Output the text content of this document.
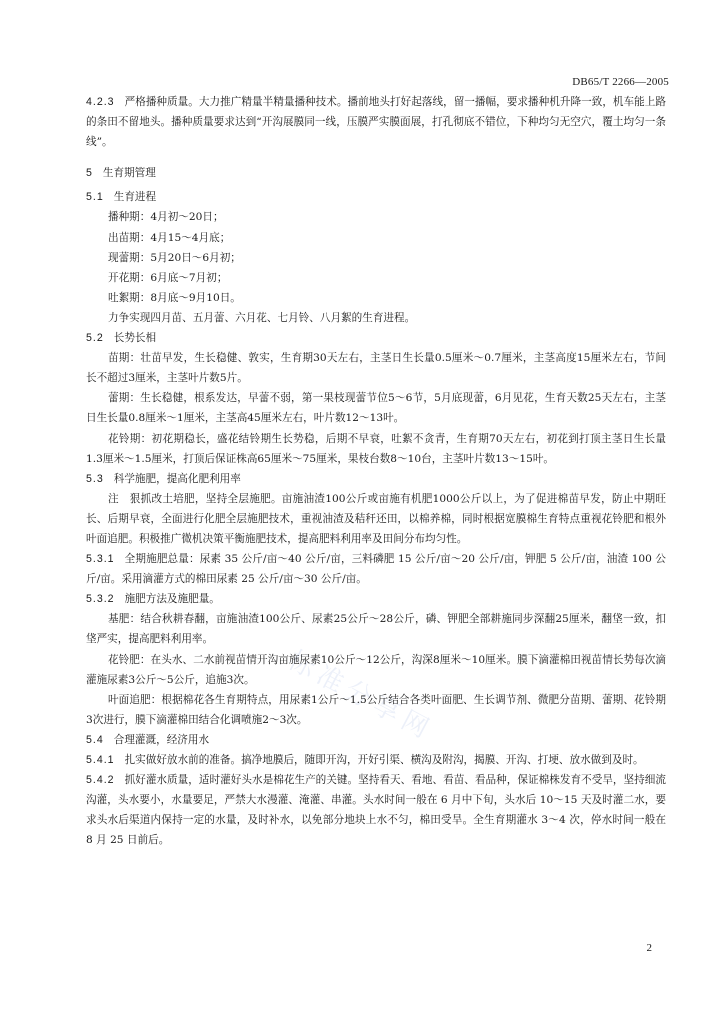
DB65/T 2266—2005
标准分享网

4.2.3 严格播种质量。大力推广精量半精量播种技术。播前地头打好起落线，留一播幅，要求播种机升降一致，机车能上路的条田不留地头。播种质量要求达到“开沟展膜同一线，压膜严实膜面展，打孔彻底不错位，下种均匀无空穴，覆土均匀一条线”。

5 生育期管理

5.1 生育进程

播种期：4月初～20日；

出苗期：4月15～4月底；

现蕾期：5月20日～6月初；

开花期：6月底～7月初；

吐絮期：8月底～9月10日。

力争实现四月苗、五月蕾、六月花、七月铃、八月絮的生育进程。

5.2 长势长相

苗期：壮苗早发，生长稳健、敦实，生育期30天左右，主茎日生长量0.5厘米～0.7厘米，主茎高度15厘米左右，节间长不超过3厘米，主茎叶片数5片。

蕾期：生长稳健，根系发达，早蕾不弱，第一果枝现蕾节位5～6节，5月底现蕾，6月见花，生育天数25天左右，主茎日生长量0.8厘米～1厘米，主茎高45厘米左右，叶片数12～13叶。

花铃期：初花期稳长，盛花结铃期生长势稳，后期不早衰，吐絮不贪青，生育期70天左右，初花到打顶主茎日生长量1.3厘米～1.5厘米，打顶后保证株高65厘米～75厘米，果枝台数8～10台，主茎叶片数13～15叶。

5.3 科学施肥，提高化肥利用率

注　狠抓改土培肥，坚持全层施肥。亩施油渣100公斤或亩施有机肥1000公斤以上，为了促进棉苗早发，防止中期旺长、后期早衰，全面进行化肥全层施肥技术，重视油渣及秸秆还田，以棉养棉，同时根据宽膜棉生育特点重视花铃肥和根外叶面追肥。积极推广微机决策平衡施肥技术，提高肥料利用率及田间分布均匀性。

5.3.1 全期施肥总量：尿素 35 公斤/亩～40 公斤/亩，三料磷肥 15 公斤/亩～20 公斤/亩，钾肥 5 公斤/亩，油渣 100 公斤/亩。采用滴灌方式的棉田尿素 25 公斤/亩～30 公斤/亩。

5.3.2 施肥方法及施肥量。

基肥：结合秋耕春翻，亩施油渣100公斤、尿素25公斤～28公斤，磷、钾肥全部耕施同步深翻25厘米，翻垡一致，扣垡严实，提高肥料利用率。

花铃肥：在头水、二水前视苗情开沟亩施尿素10公斤～12公斤，沟深8厘米～10厘米。膜下滴灌棉田视苗情长势每次滴灌施尿素3公斤～5公斤，追施3次。

叶面追肥：根据棉花各生育期特点，用尿素1公斤～1.5公斤结合各类叶面肥、生长调节剂、微肥分苗期、蕾期、花铃期3次进行，膜下滴灌棉田结合化调喷施2～3次。

5.4 合理灌溉，经济用水

5.4.1 扎实做好放水前的准备。搞净地膜后，随即开沟，开好引渠、横沟及附沟，揭膜、开沟、打埂、放水做到及时。

5.4.2 抓好灌水质量，适时灌好头水是棉花生产的关键。坚持看天、看地、看苗、看品种，保证棉株发育不受旱，坚持细流沟灌，头水要小，水量要足，严禁大水漫灌、淹灌、串灌。头水时间一般在 6 月中下旬，头水后 10～15 天及时灌二水，要求头水后渠道内保持一定的水量，及时补水，以免部分地块上水不匀，棉田受旱。全生育期灌水 3～4 次，停水时间一般在 8 月 25 日前后。

2
